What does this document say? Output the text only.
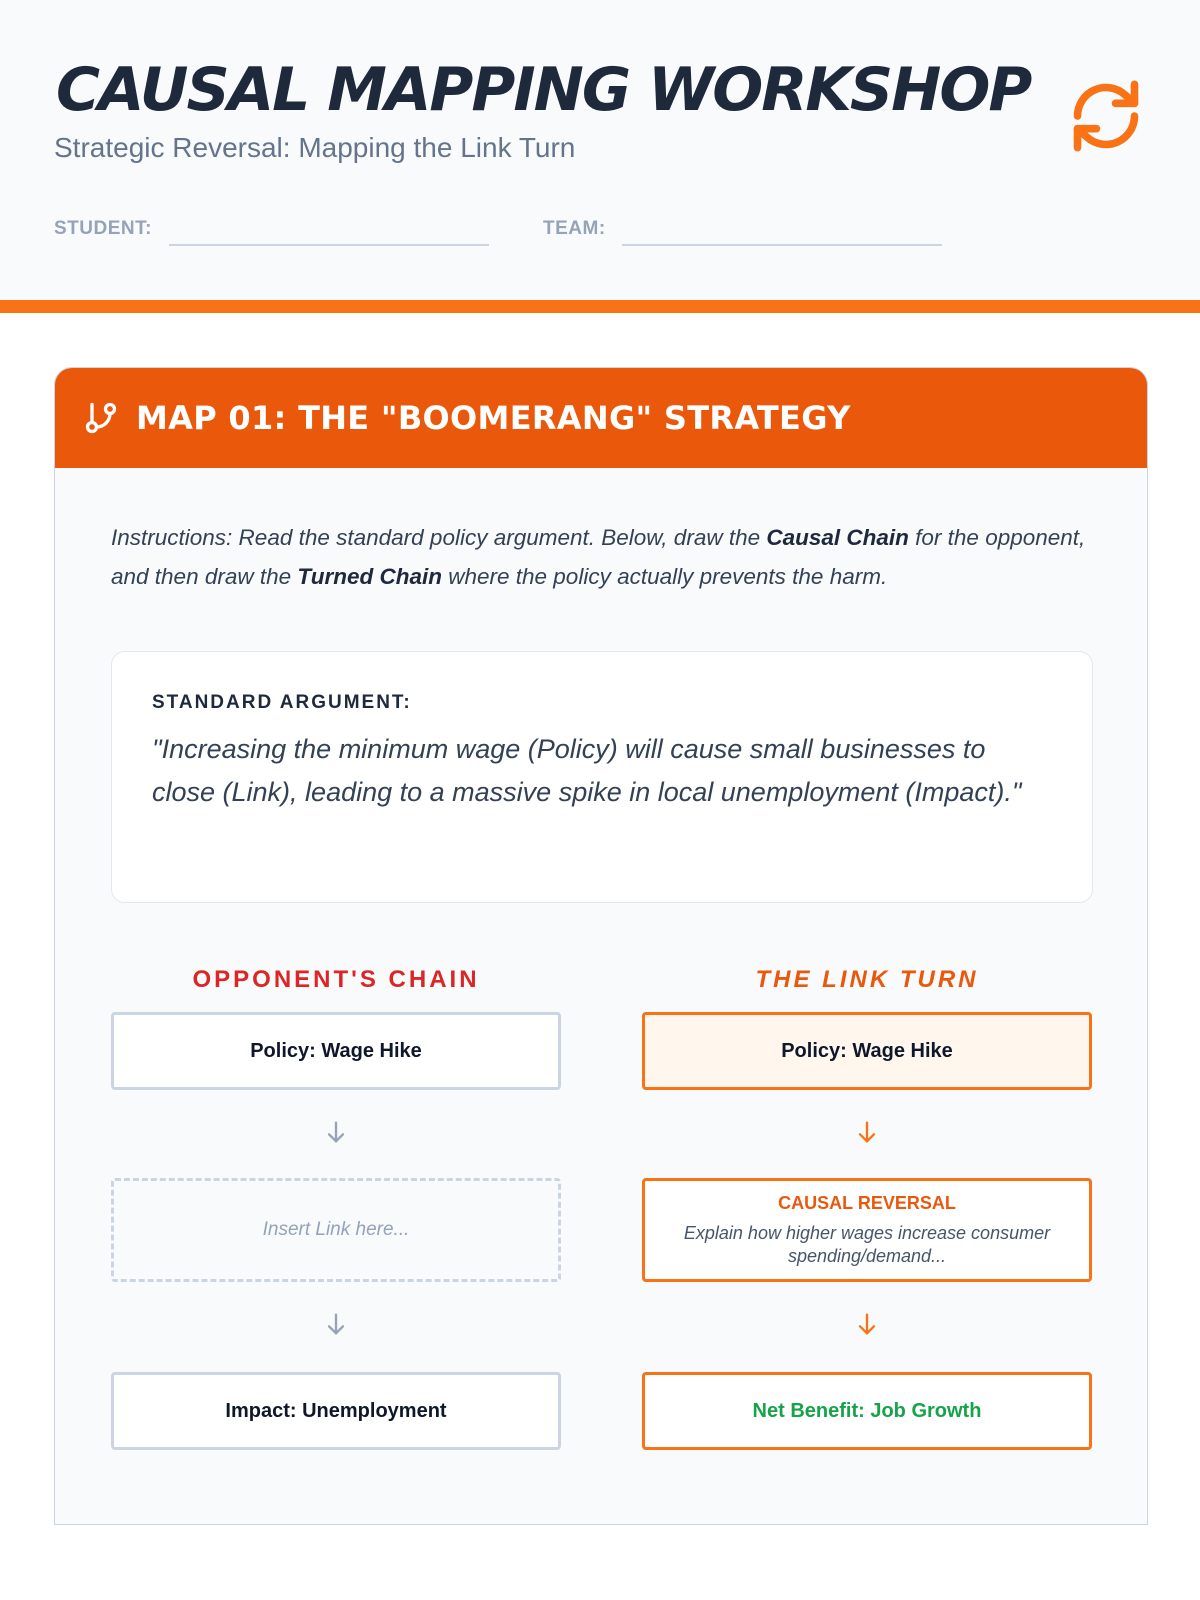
CAUSAL MAPPING WORKSHOP
Strategic Reversal: Mapping the Link Turn
STUDENT:	TEAM:
MAP 01: THE "BOOMERANG" STRATEGY
Instructions: Read the standard policy argument. Below, draw the Causal Chain for the opponent, and then draw the Turned Chain where the policy actually prevents the harm.
STANDARD ARGUMENT:
"Increasing the minimum wage (Policy) will cause small businesses to close (Link), leading to a massive spike in local unemployment (Impact)."
OPPONENT'S CHAIN
Policy: Wage Hike
Insert Link here...
Impact: Unemployment
THE LINK TURN
Policy: Wage Hike
CAUSAL REVERSAL
Explain how higher wages increase consumer spending/demand...
Net Benefit: Job Growth
